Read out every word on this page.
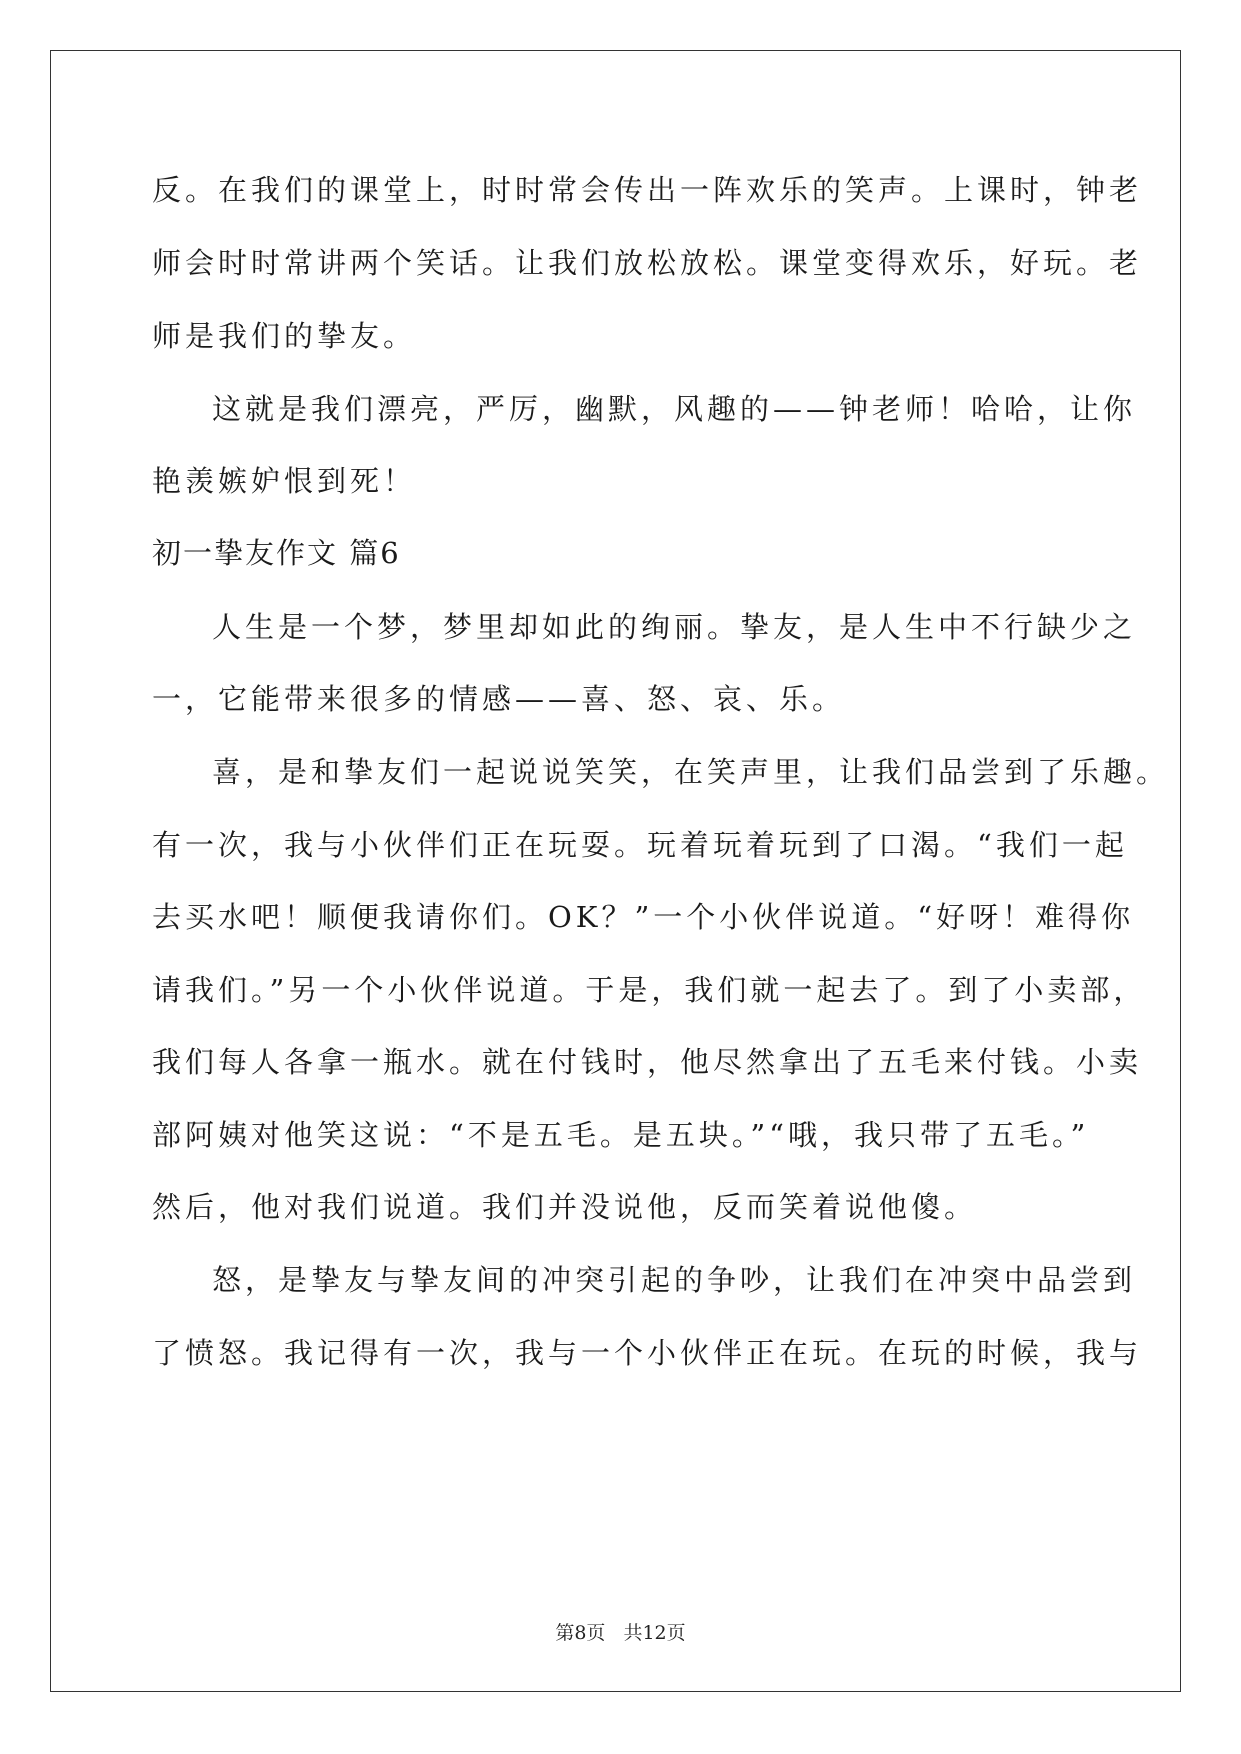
反。在我们的课堂上，时时常会传出一阵欢乐的笑声。上课时，钟老
师会时时常讲两个笑话。让我们放松放松。课堂变得欢乐，好玩。老
师是我们的挚友。
这就是我们漂亮，严厉，幽默，风趣的——钟老师！哈哈，让你
艳羡嫉妒恨到死！
初一挚友作文 篇6
人生是一个梦，梦里却如此的绚丽。挚友，是人生中不行缺少之
一，它能带来很多的情感——喜、怒、哀、乐。
喜，是和挚友们一起说说笑笑，在笑声里，让我们品尝到了乐趣。
有一次，我与小伙伴们正在玩耍。玩着玩着玩到了口渴。“我们一起
去买水吧！顺便我请你们。OK？”一个小伙伴说道。“好呀！难得你
请我们。”另一个小伙伴说道。于是，我们就一起去了。到了小卖部，
我们每人各拿一瓶水。就在付钱时，他尽然拿出了五毛来付钱。小卖
部阿姨对他笑这说：“不是五毛。是五块。”“哦，我只带了五毛。”
然后，他对我们说道。我们并没说他，反而笑着说他傻。
怒，是挚友与挚友间的冲突引起的争吵，让我们在冲突中品尝到
了愤怒。我记得有一次，我与一个小伙伴正在玩。在玩的时候，我与
第8页 共12页
